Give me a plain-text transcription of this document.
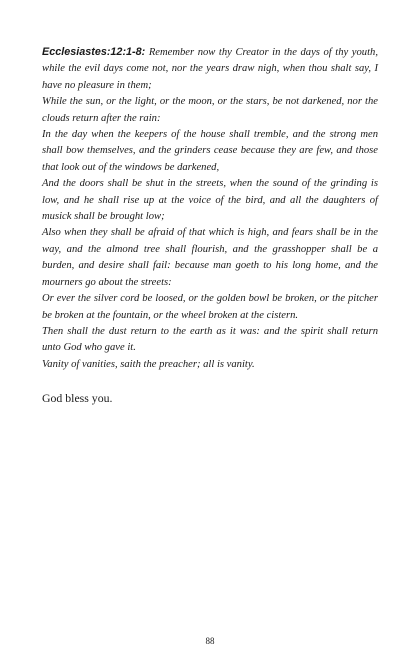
Ecclesiastes:12:1-8: Remember now thy Creator in the days of thy youth, while the evil days come not, nor the years draw nigh, when thou shalt say, I have no pleasure in them;

While the sun, or the light, or the moon, or the stars, be not darkened, nor the clouds return after the rain:

In the day when the keepers of the house shall tremble, and the strong men shall bow themselves, and the grinders cease because they are few, and those that look out of the windows be darkened,

And the doors shall be shut in the streets, when the sound of the grinding is low, and he shall rise up at the voice of the bird, and all the daughters of musick shall be brought low;

Also when they shall be afraid of that which is high, and fears shall be in the way, and the almond tree shall flourish, and the grasshopper shall be a burden, and desire shall fail: because man goeth to his long home, and the mourners go about the streets:

Or ever the silver cord be loosed, or the golden bowl be broken, or the pitcher be broken at the fountain, or the wheel broken at the cistern.

Then shall the dust return to the earth as it was: and the spirit shall return unto God who gave it.

Vanity of vanities, saith the preacher; all is vanity.

God bless you.

88
